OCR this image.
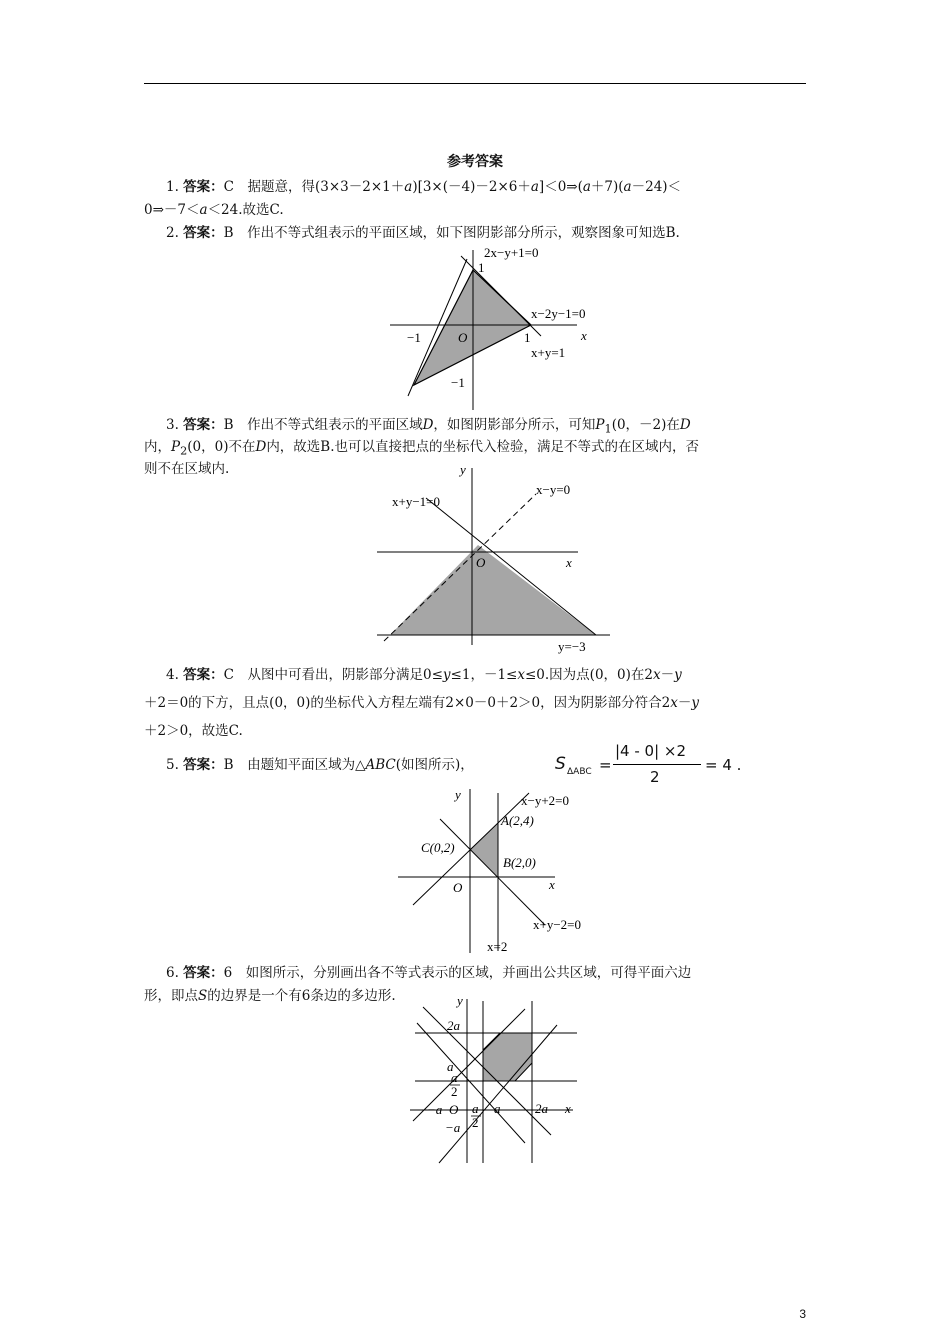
参考答案
1. 答案：C　据题意，得(3×3－2×1＋a)[3×(－4)－2×6＋a]＜0⇒(a＋7)(a－24)＜
0⇒－7＜a＜24.故选C.
2. 答案：B　作出不等式组表示的平面区域，如下图阴影部分所示，观察图象可知选B.
2x−y+1=0
x−2y−1=0
x+y=1
x
O	1
−1
1
−1
3. 答案：B　作出不等式组表示的平面区域D，如图阴影部分所示，可知$P_1(0$，－2)在D
内，$P_2(0$，0)不在D内，故选B.也可以直接把点的坐标代入检验，满足不等式的在区域内，否
则不在区域内.	y
x−y=0
x+y−1=0
x
O
y=−3
4. 答案：C　从图中可看出，阴影部分满足0≤y≤1，－1≤x≤0.因为点(0，0)在2x－y
＋2＝0的下方，且点(0，0)的坐标代入方程左端有2×0－0＋2＞0，因为阴影部分符合2x－y
＋2＞0，故选C.
5. 答案：B　由题知平面区域为△ABC(如图所示)，	S ΔABC =
|4 - 0| ×2
2
= 4 .
y	x−y+2=0
A(2,4)
C(0,2)
B(2,0)
x
O
x+y−2=0
x=2
6. 答案：6　如图所示，分别画出各不等式表示的区域，并画出公共区域，可得平面六边
形，即点S的边界是一个有6条边的多边形.	y
2a
a
a
2
−a O a
2
a	2a x
−a
3
